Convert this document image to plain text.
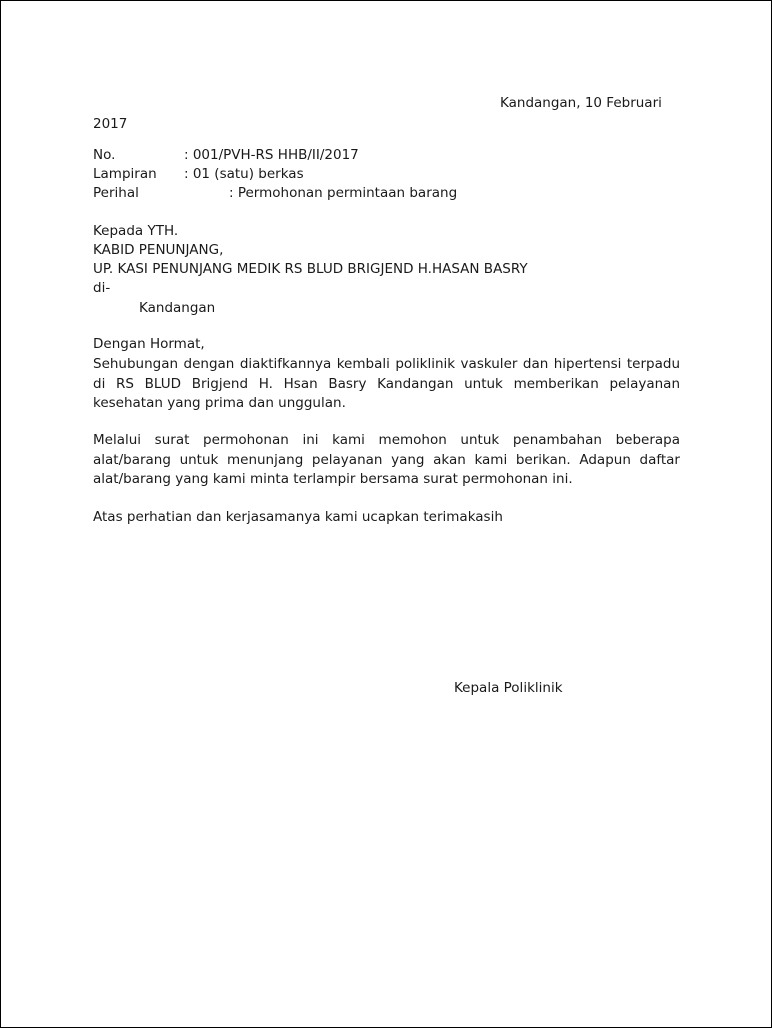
Kandangan, 10 Februari
2017
No.	: 001/PVH-RS HHB/II/2017
Lampiran : 01 (satu) berkas
Perihal	: Permohonan permintaan barang
Kepada YTH.
KABID PENUNJANG,
UP. KASI PENUNJANG MEDIK RS BLUD BRIGJEND H.HASAN BASRY
di-
Kandangan
Dengan Hormat,

Sehubungan dengan diaktifkannya kembali poliklinik vaskuler dan hipertensi terpadu di RS BLUD Brigjend H. Hsan Basry Kandangan untuk memberikan pelayanan kesehatan yang prima dan unggulan.

Melalui surat permohonan ini kami memohon untuk penambahan beberapa alat/barang untuk menunjang pelayanan yang akan kami berikan. Adapun daftar alat/barang yang kami minta terlampir bersama surat permohonan ini.

Atas perhatian dan kerjasamanya kami ucapkan terimakasih
Kepala Poliklinik
